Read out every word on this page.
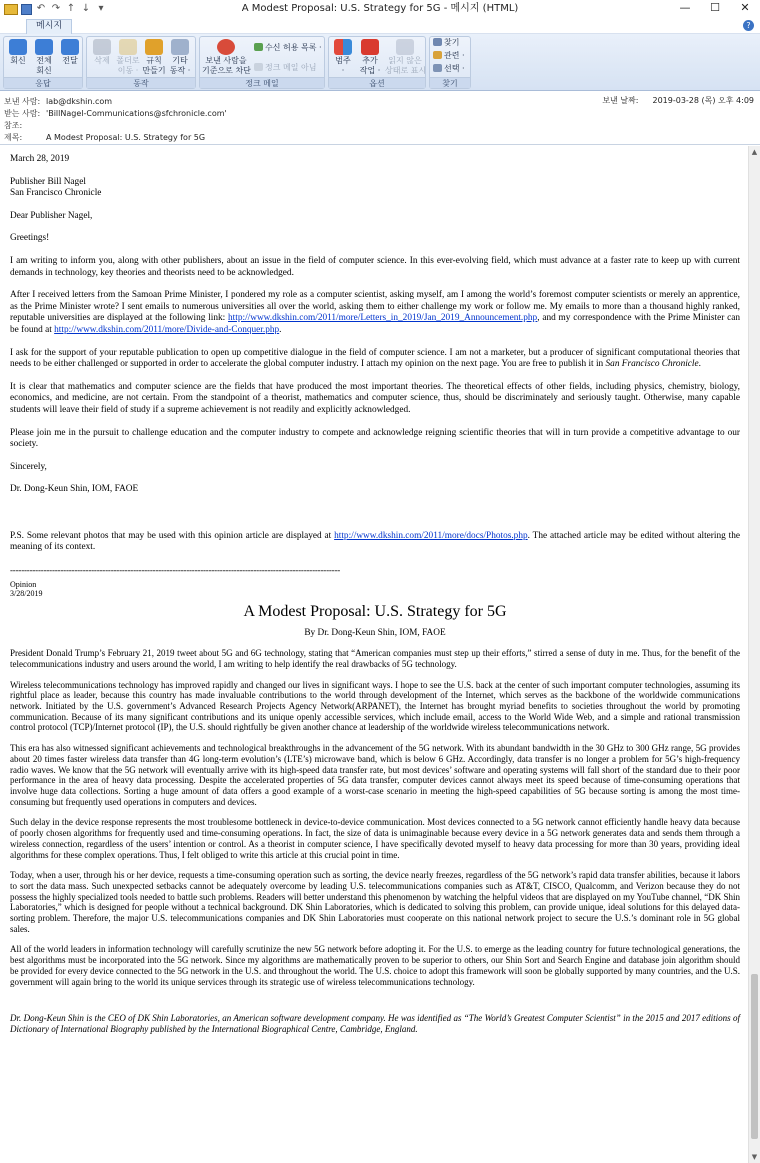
↶ ↷ ↑ ↓ ▾	A Modest Proposal: U.S. Strategy for 5G - 메시지 (HTML)	—	☐	✕
메시지	?
회신	전체
회신
전달
응답
삭제 폴더로
이동 ·
규칙
만들기
기타
동작 ·
동작
보낸 사람을
기준으로 차단
수신 허용 목록 ·
정크 메일 아님
정크 메일
범주
·
추가
작업 ·
읽지 않은
상태로 표시
옵션
찾기
관련 ·
선택 ·
찾기
보낸 사람: lab@dkshin.com
받는 사람: 'BillNagel-Communications@sfchronicle.com'
참조:
제목:	A Modest Proposal: U.S. Strategy for 5G
보낸 날짜: 2019-03-28 (목) 오후 4:09

March 28, 2019

Publisher Bill Nagel

San Francisco Chronicle

Dear Publisher Nagel,

Greetings!

I am writing to inform you, along with other publishers, about an issue in the field of computer science. In this ever-evolving field, which must advance at a faster rate to keep up with current demands in technology, key theories and theorists need to be acknowledged.

After I received letters from the Samoan Prime Minister, I pondered my role as a computer scientist, asking myself, am I among the world’s foremost computer scientists or merely an apprentice, as the Prime Minister wrote? I sent emails to numerous universities all over the world, asking them to either challenge my work or follow me. My emails to more than a thousand highly ranked, reputable universities are displayed at the following link: http://www.dkshin.com/2011/more/Letters_in_2019/Jan_2019_Announcement.php, and my correspondence with the Prime Minister can be found at http://www.dkshin.com/2011/more/Divide-and-Conquer.php.

I ask for the support of your reputable publication to open up competitive dialogue in the field of computer science. I am not a marketer, but a producer of significant computational theories that needs to be either challenged or supported in order to accelerate the global computer industry. I attach my opinion on the next page. You are free to publish it in San Francisco Chronicle.

It is clear that mathematics and computer science are the fields that have produced the most important theories. The theoretical effects of other fields, including physics, chemistry, biology, economics, and medicine, are not certain. From the standpoint of a theorist, mathematics and computer science, thus, should be discriminately and seriously taught. Otherwise, many capable students will leave their field of study if a supreme achievement is not readily and explicitly acknowledged.

Please join me in the pursuit to challenge education and the computer industry to compete and acknowledge reigning scientific theories that will in turn provide a competitive advantage to our society.

Sincerely,

Dr. Dong-Keun Shin, IOM, FAOE

P.S. Some relevant photos that may be used with this opinion article are displayed at http://www.dkshin.com/2011/more/docs/Photos.php. The attached article may be edited without altering the meaning of its context.

----------------------------------------------------------------------------------------------------------------------
Opinion
3/28/2019
A Modest Proposal: U.S. Strategy for 5G
By Dr. Dong-Keun Shin, IOM, FAOE

President Donald Trump’s February 21, 2019 tweet about 5G and 6G technology, stating that “American companies must step up their efforts,” stirred a sense of duty in me. Thus, for the benefit of the telecommunications industry and users around the world, I am writing to help identify the real drawbacks of 5G technology.

Wireless telecommunications technology has improved rapidly and changed our lives in significant ways. I hope to see the U.S. back at the center of such important computer technologies, assuming its rightful place as leader, because this country has made invaluable contributions to the world through development of the Internet, which serves as the backbone of the worldwide communications network. Initiated by the U.S. government’s Advanced Research Projects Agency Network(ARPANET), the Internet has brought myriad benefits to societies throughout the world by promoting communication. Because of its many significant contributions and its unique openly accessible services, which include email, access to the World Wide Web, and a simple and rational transmission control protocol (TCP)/Internet protocol (IP), the U.S. should rightfully be given another chance at leadership of the worldwide wireless telecommunications network.

This era has also witnessed significant achievements and technological breakthroughs in the advancement of the 5G network. With its abundant bandwidth in the 30 GHz to 300 GHz range, 5G provides about 20 times faster wireless data transfer than 4G long-term evolution’s (LTE’s) microwave band, which is below 6 GHz. Accordingly, data transfer is no longer a problem for 5G’s high-frequency radio waves. We know that the 5G network will eventually arrive with its high-speed data transfer rate, but most devices’ software and operating systems will fall short of the standard due to their poor performance in the area of heavy data processing. Despite the accelerated properties of 5G data transfer, computer devices cannot always meet its speed because of time-consuming operations that involve huge data collections. Sorting a huge amount of data offers a good example of a worst-case scenario in meeting the high-speed capabilities of 5G because sorting is among the most time-consuming but frequently used operations in computers and devices.

Such delay in the device response represents the most troublesome bottleneck in device-to-device communication. Most devices connected to a 5G network cannot efficiently handle heavy data because of poorly chosen algorithms for frequently used and time-consuming operations. In fact, the size of data is unimaginable because every device in a 5G network generates data and sends them through a wireless connection, regardless of the users’ intention or control. As a theorist in computer science, I have specifically devoted myself to heavy data processing for more than 30 years, providing ideal algorithms for these complex operations. Thus, I felt obliged to write this article at this crucial point in time.

Today, when a user, through his or her device, requests a time-consuming operation such as sorting, the device nearly freezes, regardless of the 5G network’s rapid data transfer abilities, because it labors to sort the data mass. Such unexpected setbacks cannot be adequately overcome by leading U.S. telecommunications companies such as AT&T, CISCO, Qualcomm, and Verizon because they do not possess the highly specialized tools needed to battle such problems. Readers will better understand this phenomenon by watching the helpful videos that are displayed on my YouTube channel, “DK Shin Laboratories,” which is designed for people without a technical background. DK Shin Laboratories, which is dedicated to solving this problem, can provide unique, ideal solutions for this delayed data-sorting problem. Therefore, the major U.S. telecommunications companies and DK Shin Laboratories must cooperate on this national network project to secure the U.S.’s dominant role in 5G global sales.

All of the world leaders in information technology will carefully scrutinize the new 5G network before adopting it. For the U.S. to emerge as the leading country for future technological generations, the best algorithms must be incorporated into the 5G network. Since my algorithms are mathematically proven to be superior to others, our Shin Sort and Search Engine and database join algorithm should be provided for every device connected to the 5G network in the U.S. and throughout the world. The U.S. choice to adopt this framework will soon be globally supported by many countries, and the U.S. government will again bring to the world its unique services through its strategic use of wireless telecommunications technology.

Dr. Dong-Keun Shin is the CEO of DK Shin Laboratories, an American software development company. He was identified as “The World’s Greatest Computer Scientist” in the 2015 and 2017 editions of Dictionary of International Biography published by the International Biographical Centre, Cambridge, England.

▲
▼
